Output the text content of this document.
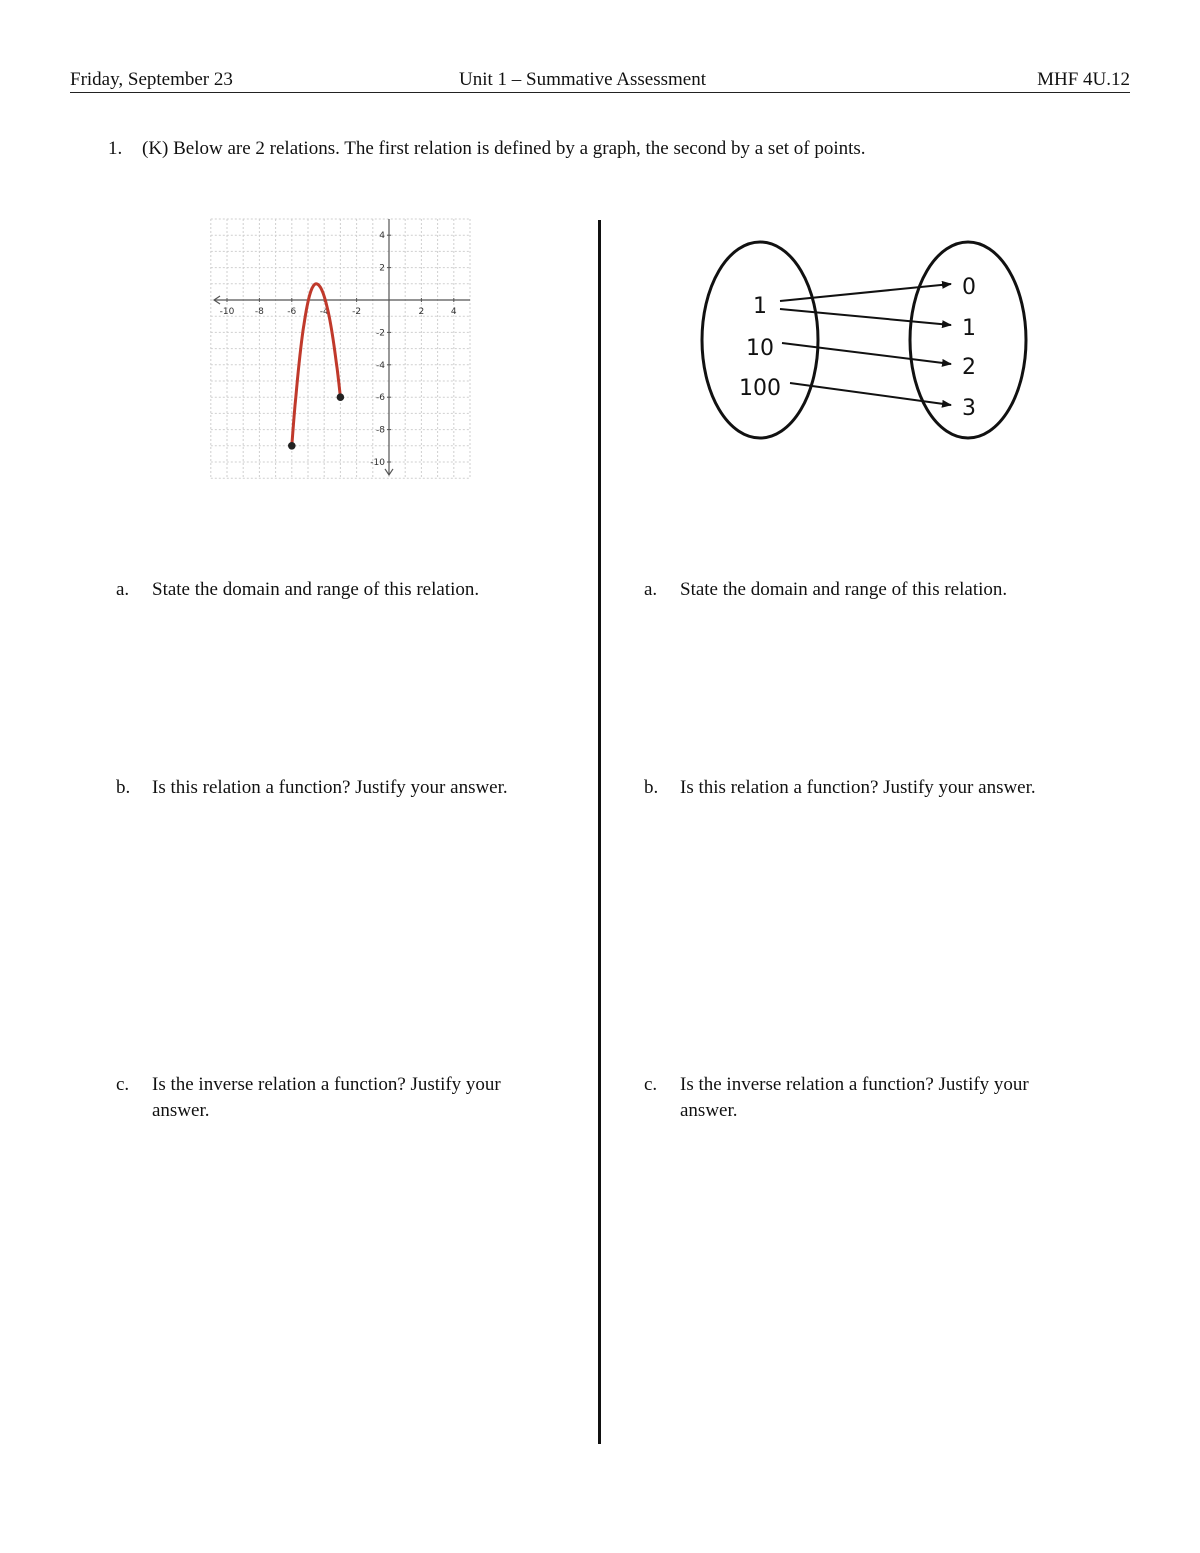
Friday, September 23	Unit 1 – Summative Assessment	MHF 4U.12
1. (K) Below are 2 relations. The first relation is defined by a graph, the second by a set of points.
-10 -8	-6	-4	-2	2	4
4
2
-2
-4
-6
-8
-10
1
10
100
0
1
2
3
a. State the domain and range of this relation.
b. Is this relation a function? Justify your answer.
c. Is the inverse relation a function? Justify your answer.
a. State the domain and range of this relation.
b. Is this relation a function? Justify your answer.
c. Is the inverse relation a function? Justify your answer.
